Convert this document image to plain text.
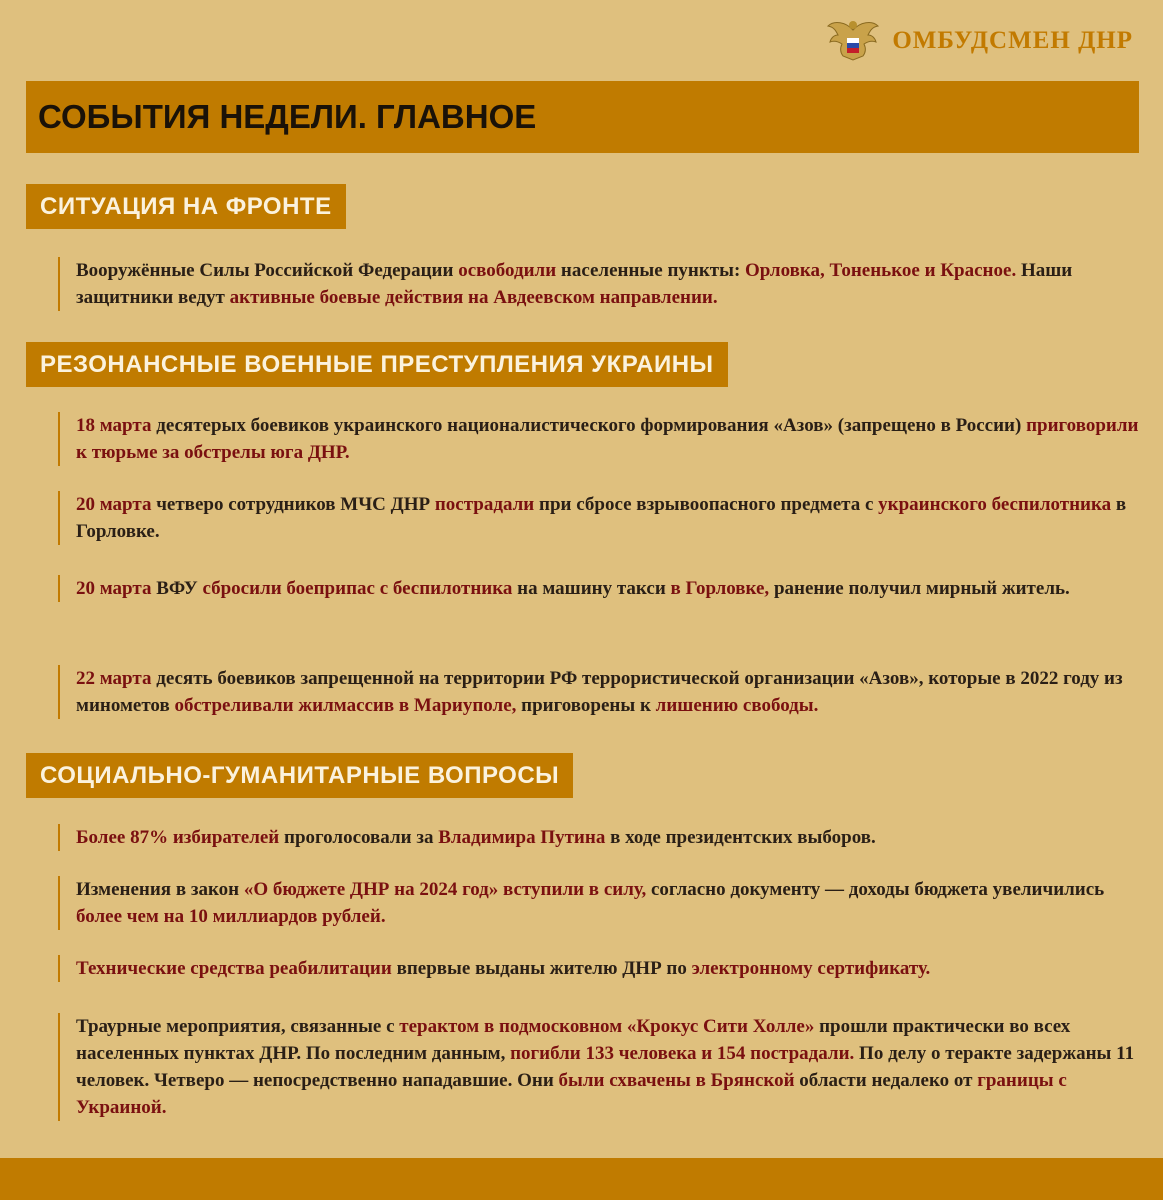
ОМБУДСМЕН ДНР
СОБЫТИЯ НЕДЕЛИ. ГЛАВНОЕ
СИТУАЦИЯ НА ФРОНТЕ
Вооружённые Силы Российской Федерации освободили населенные пункты: Орловка, Тоненькое и Красное. Наши защитники ведут активные боевые действия на Авдеевском направлении.
РЕЗОНАНСНЫЕ ВОЕННЫЕ ПРЕСТУПЛЕНИЯ УКРАИНЫ
18 марта десятерых боевиков украинского националистического формирования «Азов» (запрещено в России) приговорили к тюрьме за обстрелы юга ДНР.
20 марта четверо сотрудников МЧС ДНР пострадали при сбросе взрывоопасного предмета с украинского беспилотника в Горловке.
20 марта ВФУ сбросили боеприпас с беспилотника на машину такси в Горловке, ранение получил мирный житель.
22 марта десять боевиков запрещенной на территории РФ террористической организации «Азов», которые в 2022 году из минометов обстреливали жилмассив в Мариуполе, приговорены к лишению свободы.
СОЦИАЛЬНО-ГУМАНИТАРНЫЕ ВОПРОСЫ
Более 87% избирателей проголосовали за Владимира Путина в ходе президентских выборов.
Изменения в закон «О бюджете ДНР на 2024 год» вступили в силу, согласно документу — доходы бюджета увеличились более чем на 10 миллиардов рублей.
Технические средства реабилитации впервые выданы жителю ДНР по электронному сертификату.
Траурные мероприятия, связанные с терактом в подмосковном «Крокус Сити Холле» прошли практически во всех населенных пунктах ДНР. По последним данным, погибли 133 человека и 154 пострадали. По делу о теракте задержаны 11 человек. Четверо — непосредственно нападавшие. Они были схвачены в Брянской области недалеко от границы с Украиной.
